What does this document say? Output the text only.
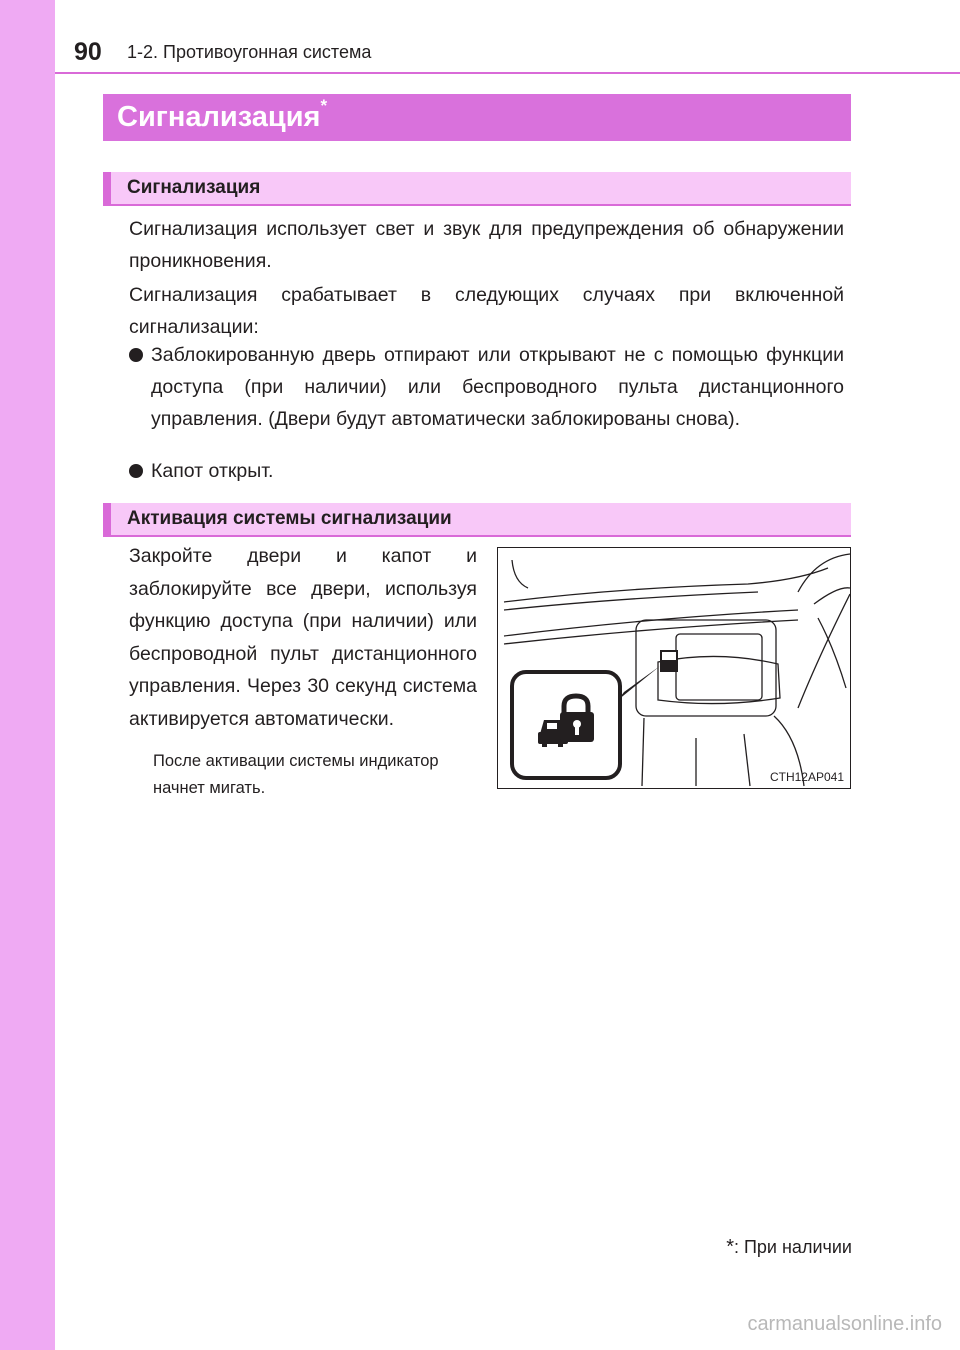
90 1-2. Противоугонная система
Сигнализация*
Сигнализация
Сигнализация использует свет и звук для предупреждения об обнаружении проникновения.
Сигнализация срабатывает в следующих случаях при включенной сигнализации:
Заблокированную дверь отпирают или открывают не с помощью функции доступа (при наличии) или беспроводного пульта дистанционного управления. (Двери будут автоматически заблокированы снова).
Капот открыт.
Активация системы сигнализации
Закройте двери и капот и заблокируйте все двери, используя функцию доступа (при наличии) или беспроводной пульт дистанционного управления. Через 30 секунд система активируется автоматически.
После активации системы индикатор начнет мигать.
CTH12AP041
*: При наличии
carmanualsonline.info
